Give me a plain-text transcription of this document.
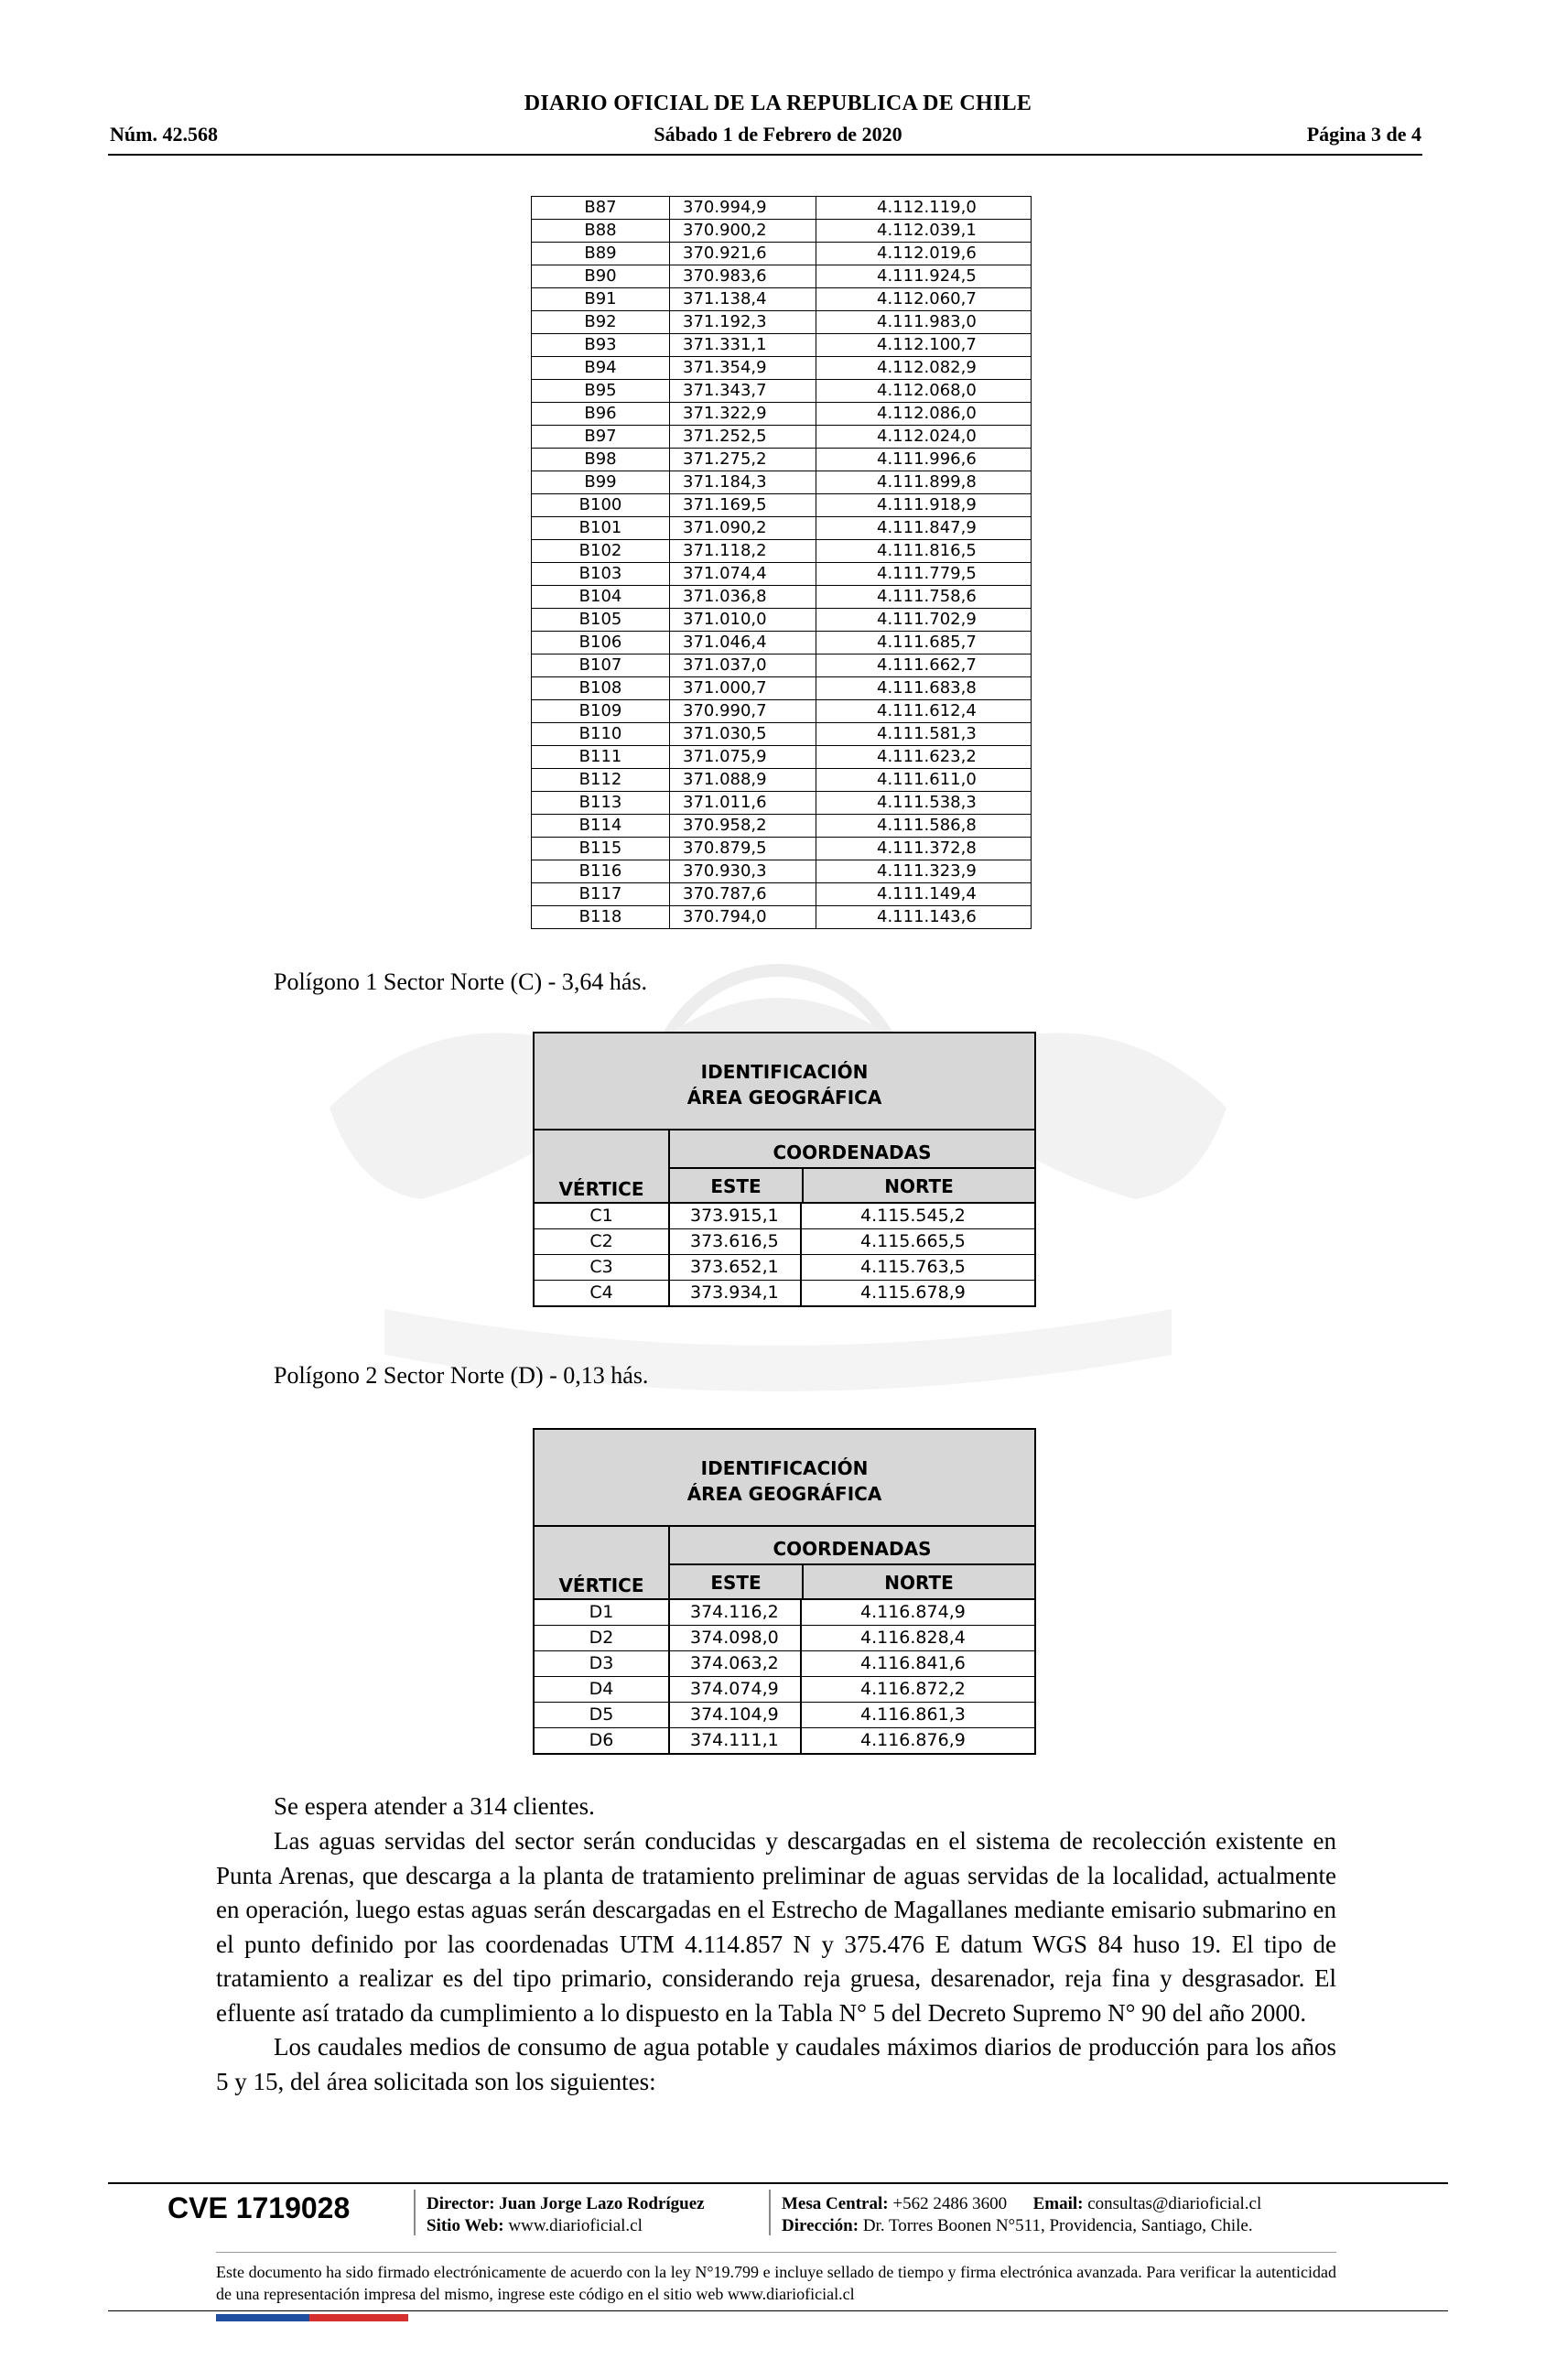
DIARIO OFICIAL DE LA REPUBLICA DE CHILE
Núm. 42.568	Sábado 1 de Febrero de 2020	Página 3 de 4
B87	370.994,9	4.112.119,0
B88	370.900,2	4.112.039,1
B89	370.921,6	4.112.019,6
B90	370.983,6	4.111.924,5
B91	371.138,4	4.112.060,7
B92	371.192,3	4.111.983,0
B93	371.331,1	4.112.100,7
B94	371.354,9	4.112.082,9
B95	371.343,7	4.112.068,0
B96	371.322,9	4.112.086,0
B97	371.252,5	4.112.024,0
B98	371.275,2	4.111.996,6
B99	371.184,3	4.111.899,8
B100	371.169,5	4.111.918,9
B101	371.090,2	4.111.847,9
B102	371.118,2	4.111.816,5
B103	371.074,4	4.111.779,5
B104	371.036,8	4.111.758,6
B105	371.010,0	4.111.702,9
B106	371.046,4	4.111.685,7
B107	371.037,0	4.111.662,7
B108	371.000,7	4.111.683,8
B109	370.990,7	4.111.612,4
B110	371.030,5	4.111.581,3
B111	371.075,9	4.111.623,2
B112	371.088,9	4.111.611,0
B113	371.011,6	4.111.538,3
B114	370.958,2	4.111.586,8
B115	370.879,5	4.111.372,8
B116	370.930,3	4.111.323,9
B117	370.787,6	4.111.149,4
B118	370.794,0	4.111.143,6
Polígono 1 Sector Norte (C) - 3,64 hás.
IDENTIFICACIÓN
ÁREA GEOGRÁFICA
VÉRTICE
COORDENADAS
ESTE	NORTE
C1	373.915,1	4.115.545,2
C2	373.616,5	4.115.665,5
C3	373.652,1	4.115.763,5
C4	373.934,1	4.115.678,9
Polígono 2 Sector Norte (D) - 0,13 hás.
IDENTIFICACIÓN
ÁREA GEOGRÁFICA
VÉRTICE
COORDENADAS
ESTE	NORTE
D1	374.116,2	4.116.874,9
D2	374.098,0	4.116.828,4
D3	374.063,2	4.116.841,6
D4	374.074,9	4.116.872,2
D5	374.104,9	4.116.861,3
D6	374.111,1	4.116.876,9
Se espera atender a 314 clientes.
Las aguas servidas del sector serán conducidas y descargadas en el sistema de recolección existente en Punta Arenas, que descarga a la planta de tratamiento preliminar de aguas servidas de la localidad, actualmente en operación, luego estas aguas serán descargadas en el Estrecho de Magallanes mediante emisario submarino en el punto definido por las coordenadas UTM 4.114.857 N y 375.476 E datum WGS 84 huso 19. El tipo de tratamiento a realizar es del tipo primario, considerando reja gruesa, desarenador, reja fina y desgrasador. El efluente así tratado da cumplimiento a lo dispuesto en la Tabla N° 5 del Decreto Supremo N° 90 del año 2000.
Los caudales medios de consumo de agua potable y caudales máximos diarios de producción para los años 5 y 15, del área solicitada son los siguientes:
CVE 1719028	Director: Juan Jorge Lazo Rodríguez
Sitio Web: www.diarioficial.cl
Mesa Central: +562 2486 3600 Email: consultas@diarioficial.cl
Dirección: Dr. Torres Boonen N°511, Providencia, Santiago, Chile.
Este documento ha sido firmado electrónicamente de acuerdo con la ley N°19.799 e incluye sellado de tiempo y firma electrónica avanzada. Para verificar la autenticidad de una representación impresa del mismo, ingrese este código en el sitio web www.diarioficial.cl
